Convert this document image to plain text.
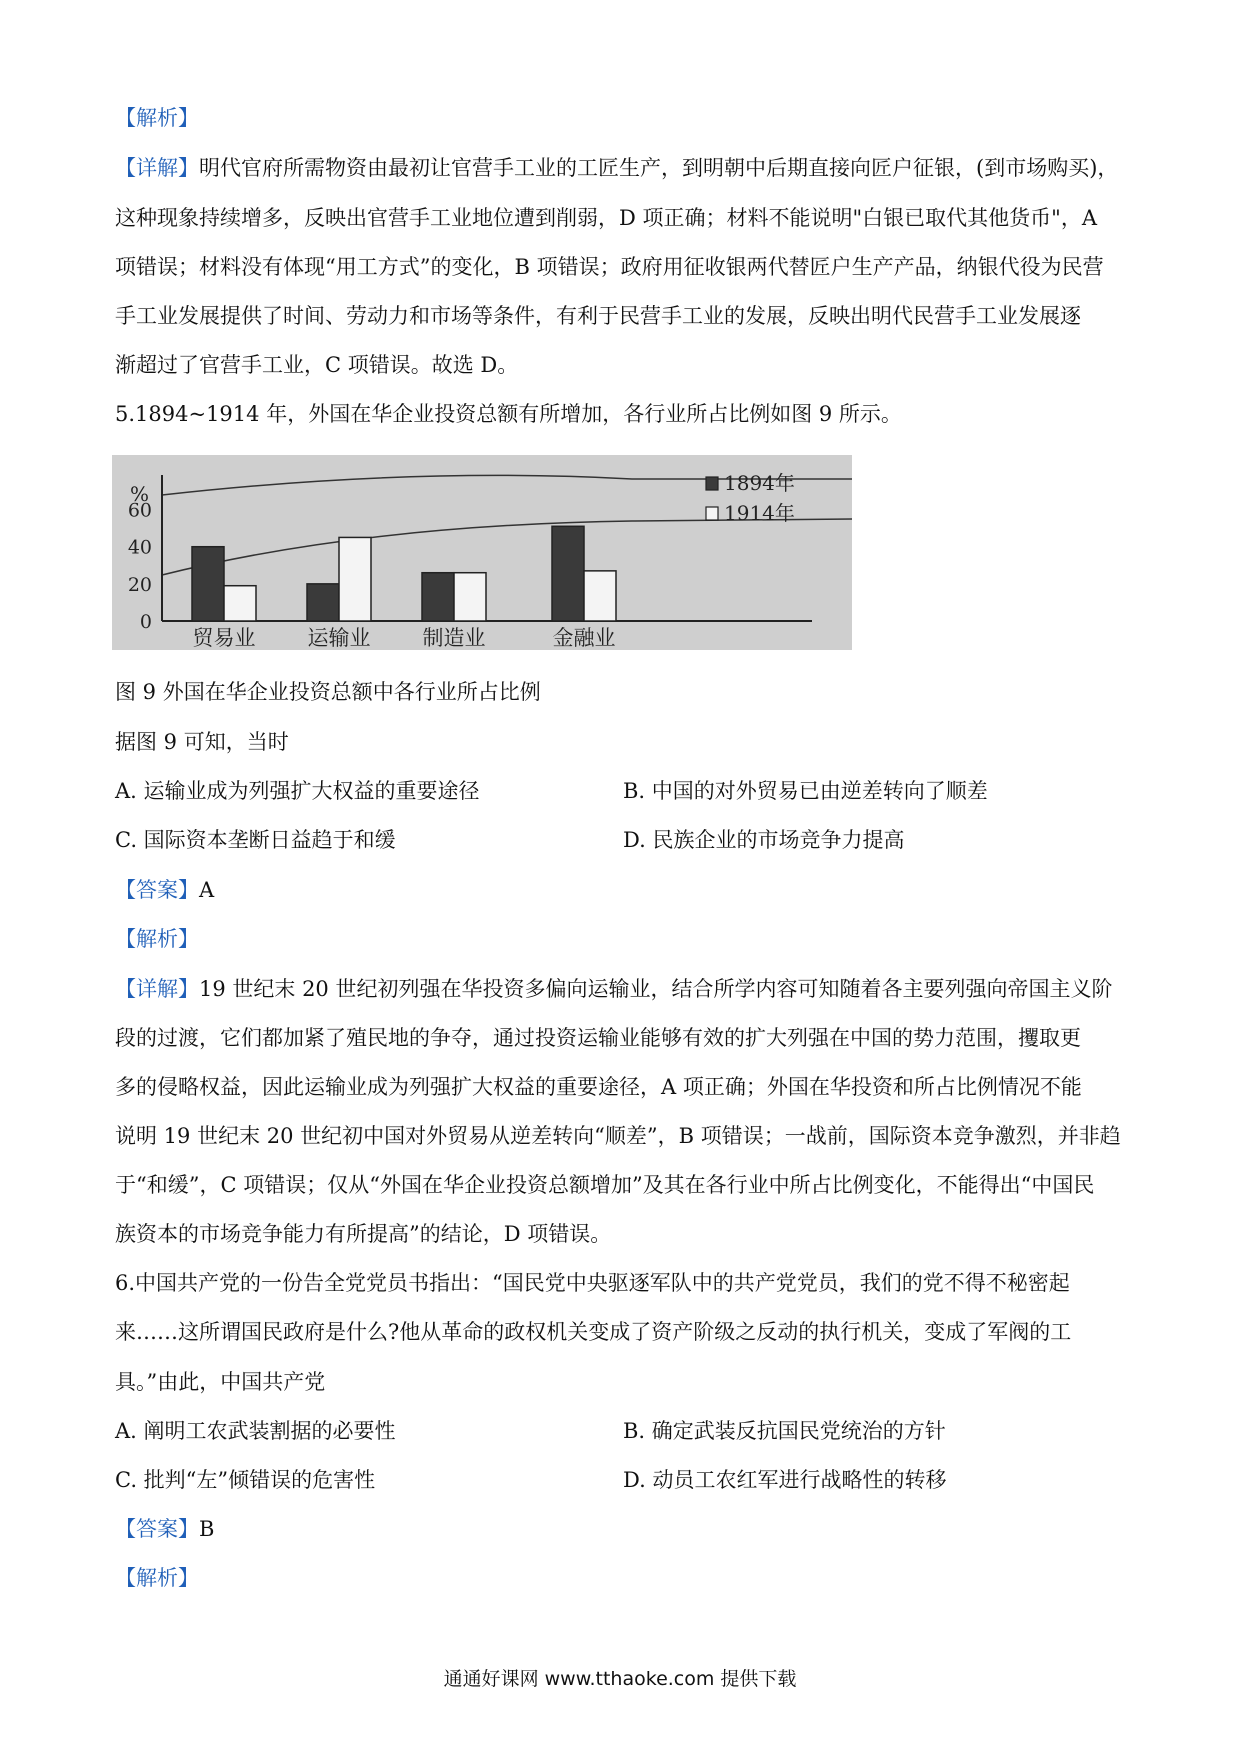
【解析】
【详解】明代官府所需物资由最初让官营手工业的工匠生产，到明朝中后期直接向匠户征银，(到市场购买)，
这种现象持续增多，反映出官营手工业地位遭到削弱，D 项正确；材料不能说明"白银已取代其他货币"，A
项错误；材料没有体现“用工方式”的变化，B 项错误；政府用征收银两代替匠户生产产品，纳银代役为民营
手工业发展提供了时间、劳动力和市场等条件，有利于民营手工业的发展，反映出明代民营手工业发展逐
渐超过了官营手工业，C 项错误。故选 D。
5.1894~1914 年，外国在华企业投资总额有所增加，各行业所占比例如图 9 所示。
%
0
20
40
60
贸易业 运输业 制造业	金融业
1894年
1914年
图 9 外国在华企业投资总额中各行业所占比例
据图 9 可知，当时
A. 运输业成为列强扩大权益的重要途径	B. 中国的对外贸易已由逆差转向了顺差
C. 国际资本垄断日益趋于和缓	D. 民族企业的市场竞争力提高
【答案】A
【解析】
【详解】19 世纪末 20 世纪初列强在华投资多偏向运输业，结合所学内容可知随着各主要列强向帝国主义阶
段的过渡，它们都加紧了殖民地的争夺，通过投资运输业能够有效的扩大列强在中国的势力范围，攫取更
多的侵略权益，因此运输业成为列强扩大权益的重要途径，A 项正确；外国在华投资和所占比例情况不能
说明 19 世纪末 20 世纪初中国对外贸易从逆差转向“顺差”，B 项错误；一战前，国际资本竞争激烈，并非趋
于“和缓”，C 项错误；仅从“外国在华企业投资总额增加”及其在各行业中所占比例变化，不能得出“中国民
族资本的市场竞争能力有所提高”的结论，D 项错误。
6.中国共产党的一份告全党党员书指出：“国民党中央驱逐军队中的共产党党员，我们的党不得不秘密起
来……这所谓国民政府是什么?他从革命的政权机关变成了资产阶级之反动的执行机关，变成了军阀的工
具。”由此，中国共产党
A. 阐明工农武装割据的必要性	B. 确定武装反抗国民党统治的方针
C. 批判“左”倾错误的危害性	D. 动员工农红军进行战略性的转移
【答案】B
【解析】
通通好课网 www.tthaoke.com 提供下载
